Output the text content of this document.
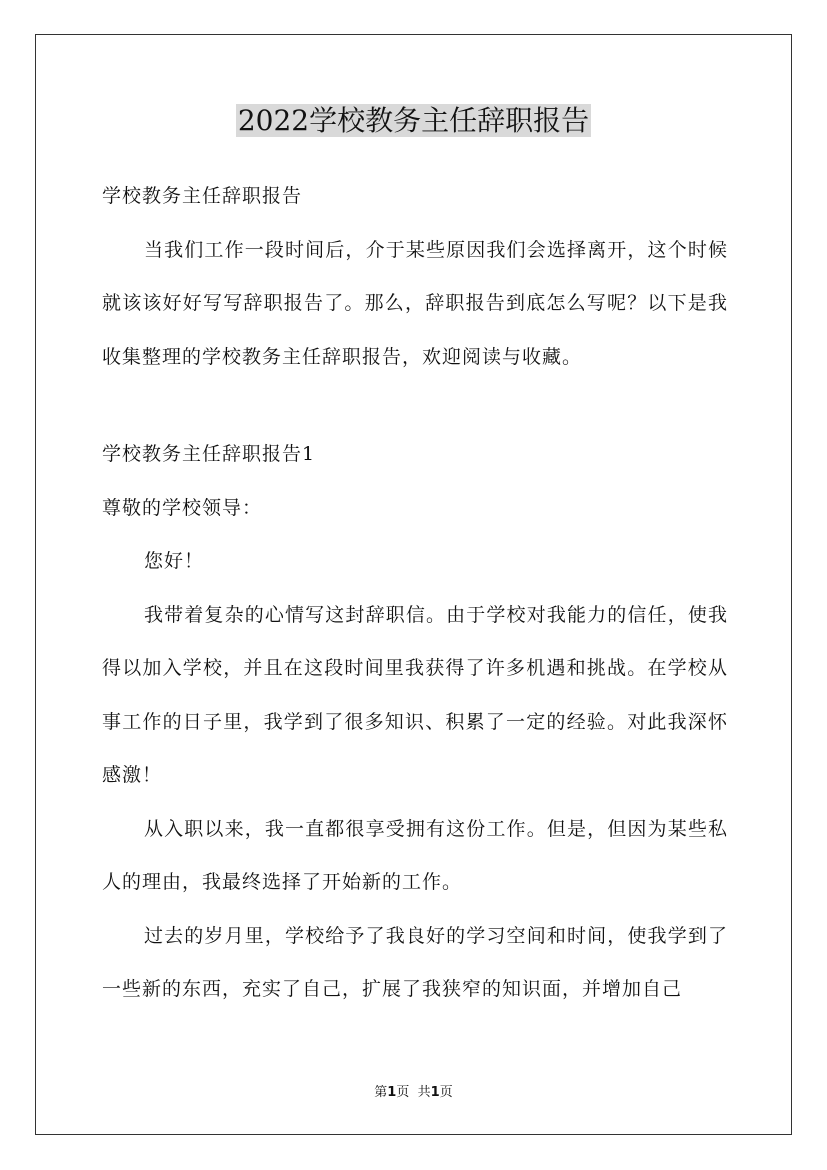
2022学校教务主任辞职报告

学校教务主任辞职报告

当我们工作一段时间后，介于某些原因我们会选择离开，这个时候就该该好好写写辞职报告了。那么，辞职报告到底怎么写呢？以下是我收集整理的学校教务主任辞职报告，欢迎阅读与收藏。

学校教务主任辞职报告1

尊敬的学校领导：

您好！

我带着复杂的心情写这封辞职信。由于学校对我能力的信任，使我得以加入学校，并且在这段时间里我获得了许多机遇和挑战。在学校从事工作的日子里，我学到了很多知识、积累了一定的经验。对此我深怀感激！

从入职以来，我一直都很享受拥有这份工作。但是，但因为某些私人的理由，我最终选择了开始新的工作。

过去的岁月里，学校给予了我良好的学习空间和时间，使我学到了一些新的东西，充实了自己，扩展了我狭窄的知识面，并增加自己

第1页 共1页
